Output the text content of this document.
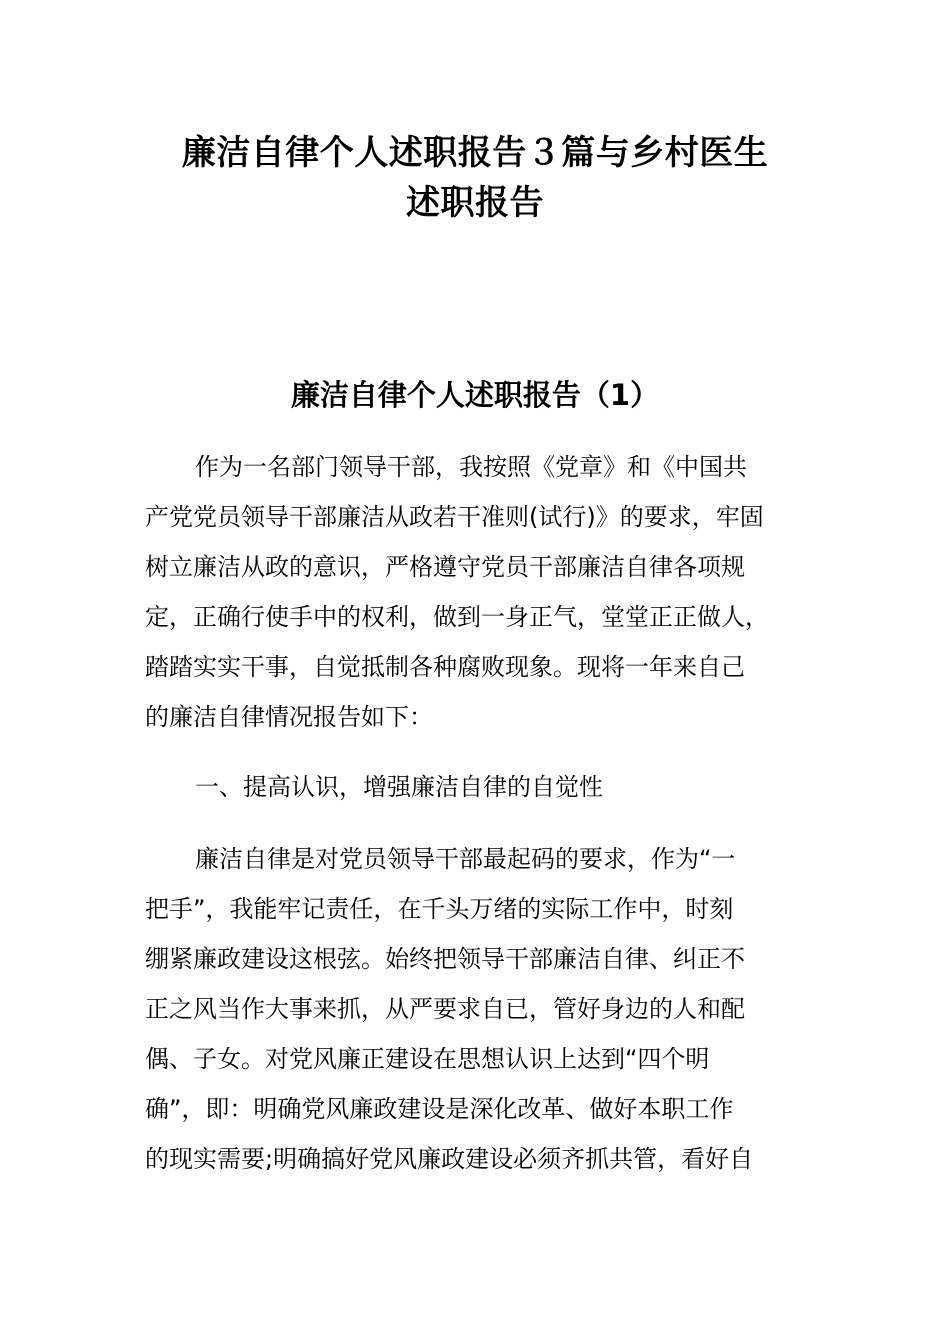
廉洁自律个人述职报告３篇与乡村医生
述职报告
廉洁自律个人述职报告（1）
作为一名部门领导干部，我按照《党章》和《中国共
产党党员领导干部廉洁从政若干准则(试行)》的要求，牢固
树立廉洁从政的意识，严格遵守党员干部廉洁自律各项规
定，正确行使手中的权利，做到一身正气，堂堂正正做人，
踏踏实实干事，自觉抵制各种腐败现象。现将一年来自己
的廉洁自律情况报告如下：
一、提高认识，增强廉洁自律的自觉性
廉洁自律是对党员领导干部最起码的要求，作为“一
把手”，我能牢记责任，在千头万绪的实际工作中，时刻
绷紧廉政建设这根弦。始终把领导干部廉洁自律、纠正不
正之风当作大事来抓，从严要求自已，管好身边的人和配
偶、子女。对党风廉正建设在思想认识上达到“四个明
确”，即：明确党风廉政建设是深化改革、做好本职工作
的现实需要;明确搞好党风廉政建设必须齐抓共管，看好自
